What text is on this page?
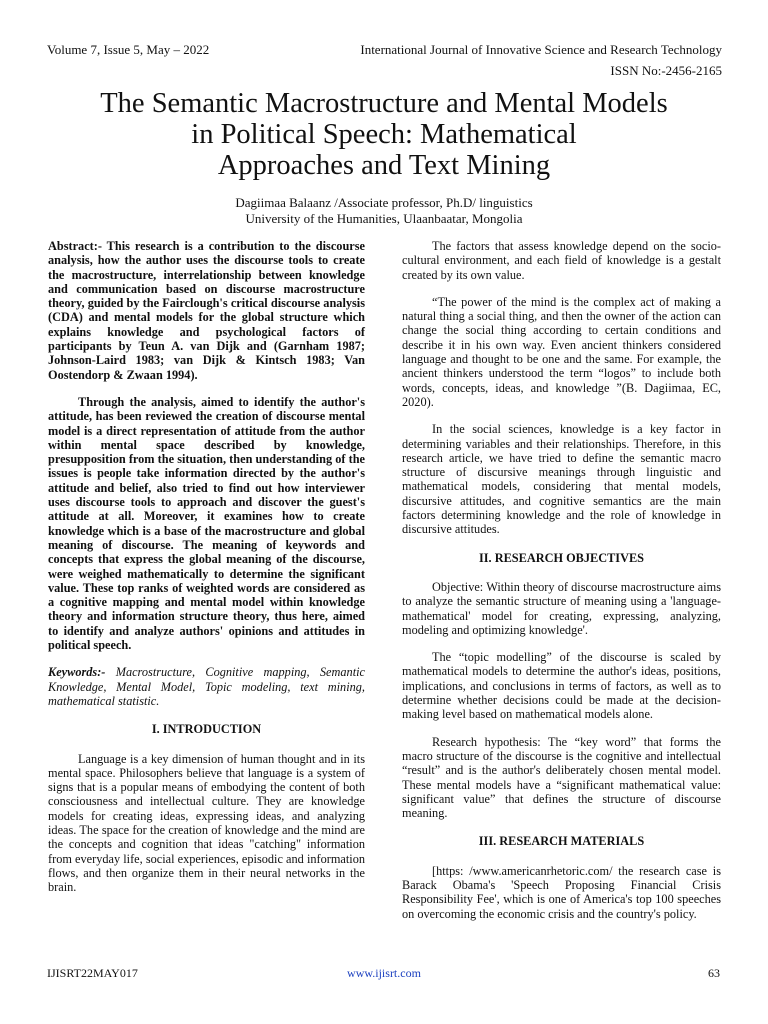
Volume 7, Issue 5, May – 2022	International Journal of Innovative Science and Research Technology
ISSN No:-2456-2165
The Semantic Macrostructure and Mental Models
in Political Speech: Mathematical
Approaches and Text Mining
Dagiimaa Balaanz /Associate professor, Ph.D/ linguistics
University of the Humanities, Ulaanbaatar, Mongolia

Abstract:- This research is a contribution to the discourse analysis, how the author uses the discourse tools to create the macrostructure, interrelationship between knowledge and communication based on discourse macrostructure theory, guided by the Fairclough's critical discourse analysis (CDA) and mental models for the global structure which explains knowledge and psychological factors of participants by Teun A. van Dijk and (Garnham 1987; Johnson-Laird 1983; van Dijk & Kintsch 1983; Van Oostendorp & Zwaan 1994).

Through the analysis, aimed to identify the author's attitude, has been reviewed the creation of discourse mental model is a direct representation of attitude from the author within mental space described by knowledge, presupposition from the situation, then understanding of the issues is people take information directed by the author's attitude and belief, also tried to find out how interviewer uses discourse tools to approach and discover the guest's attitude at all. Moreover, it examines how to create knowledge which is a base of the macrostructure and global meaning of discourse. The meaning of keywords and concepts that express the global meaning of the discourse, were weighed mathematically to determine the significant value. These top ranks of weighted words are considered as a cognitive mapping and mental model within knowledge theory and information structure theory, thus here, aimed to identify and analyze authors' opinions and attitudes in political speech.

Keywords:- Macrostructure, Cognitive mapping, Semantic Knowledge, Mental Model, Topic modeling, text mining, mathematical statistic.

I. INTRODUCTION

Language is a key dimension of human thought and in its mental space. Philosophers believe that language is a system of signs that is a popular means of embodying the content of both consciousness and intellectual culture. They are knowledge models for creating ideas, expressing ideas, and analyzing ideas. The space for the creation of knowledge and the mind are the concepts and cognition that ideas "catching" information from everyday life, social experiences, episodic and information flows, and then organize them in their neural networks in the brain.

The factors that assess knowledge depend on the socio-cultural environment, and each field of knowledge is a gestalt created by its own value.

“The power of the mind is the complex act of making a natural thing a social thing, and then the owner of the action can change the social thing according to certain conditions and describe it in his own way. Even ancient thinkers considered language and thought to be one and the same. For example, the ancient thinkers understood the term “logos” to include both words, concepts, ideas, and knowledge ”(B. Dagiimaa, EC, 2020).

In the social sciences, knowledge is a key factor in determining variables and their relationships. Therefore, in this research article, we have tried to define the semantic macro structure of discursive meanings through linguistic and mathematical models, considering that mental models, discursive attitudes, and cognitive semantics are the main factors determining knowledge and the role of knowledge in discursive attitudes.

II. RESEARCH OBJECTIVES

Objective: Within theory of discourse macrostructure aims to analyze the semantic structure of meaning using a 'language-mathematical' model for creating, expressing, analyzing, modeling and optimizing knowledge'.

The “topic modelling” of the discourse is scaled by mathematical models to determine the author's ideas, positions, implications, and conclusions in terms of factors, as well as to determine whether decisions could be made at the decision-making level based on mathematical models alone.

Research hypothesis: The “key word” that forms the macro structure of the discourse is the cognitive and intellectual “result” and is the author's deliberately chosen mental model. These mental models have a “significant mathematical value: significant value” that defines the structure of discourse meaning.

III. RESEARCH MATERIALS

[https: /www.americanrhetoric.com/ the research case is Barack Obama's 'Speech Proposing Financial Crisis Responsibility Fee', which is one of America's top 100 speeches on overcoming the economic crisis and the country's policy.

IJISRT22MAY017	www.ijisrt.com	63
